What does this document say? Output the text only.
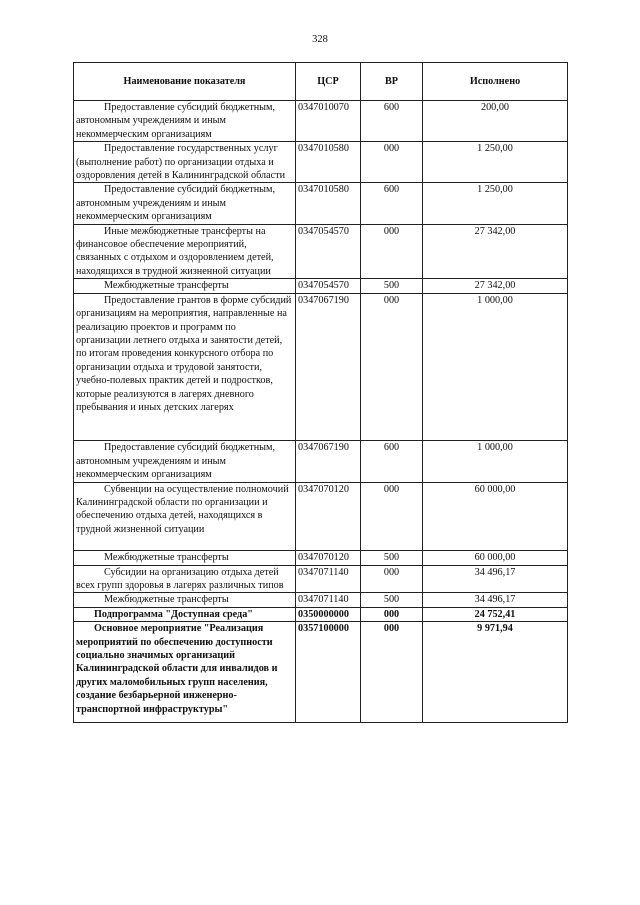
328
Наименование показателя	ЦСР	ВР	Исполнено
Предоставление субсидий бюджетным, автономным учреждениям и иным некоммерческим организациям	0347010070	600	200,00
Предоставление государственных услуг (выполнение работ) по организации отдыха и оздоровления детей в Калининградской области	0347010580	000	1 250,00
Предоставление субсидий бюджетным, автономным учреждениям и иным некоммерческим организациям	0347010580	600	1 250,00
Иные межбюджетные трансферты на финансовое обеспечение мероприятий, связанных с отдыхом и оздоровлением детей, находящихся в трудной жизненной ситуации	0347054570	000	27 342,00
Межбюджетные трансферты	0347054570	500	27 342,00
Предоставление грантов в форме субсидий организациям на мероприятия, направленные на реализацию проектов и программ по организации летнего отдыха и занятости детей, по итогам проведения конкурсного отбора по организации отдыха и трудовой занятости, учебно-полевых практик детей и подростков, которые реализуются в лагерях дневного пребывания и иных детских лагерях	0347067190	000	1 000,00
Предоставление субсидий бюджетным, автономным учреждениям и иным некоммерческим организациям	0347067190	600	1 000,00
Субвенции на осуществление полномочий Калининградской области по организации и обеспечению отдыха детей, находящихся в трудной жизненной ситуации	0347070120	000	60 000,00
Межбюджетные трансферты	0347070120	500	60 000,00
Субсидии на организацию отдыха детей всех групп здоровья в лагерях различных типов	0347071140	000	34 496,17
Межбюджетные трансферты	0347071140	500	34 496,17
Подпрограмма "Доступная среда"	0350000000	000	24 752,41
Основное мероприятие "Реализация мероприятий по обеспечению доступности социально значимых организаций Калининградской области для инвалидов и других маломобильных групп населения, создание безбарьерной инженерно-транспортной инфраструктуры"	0357100000	000	9 971,94
